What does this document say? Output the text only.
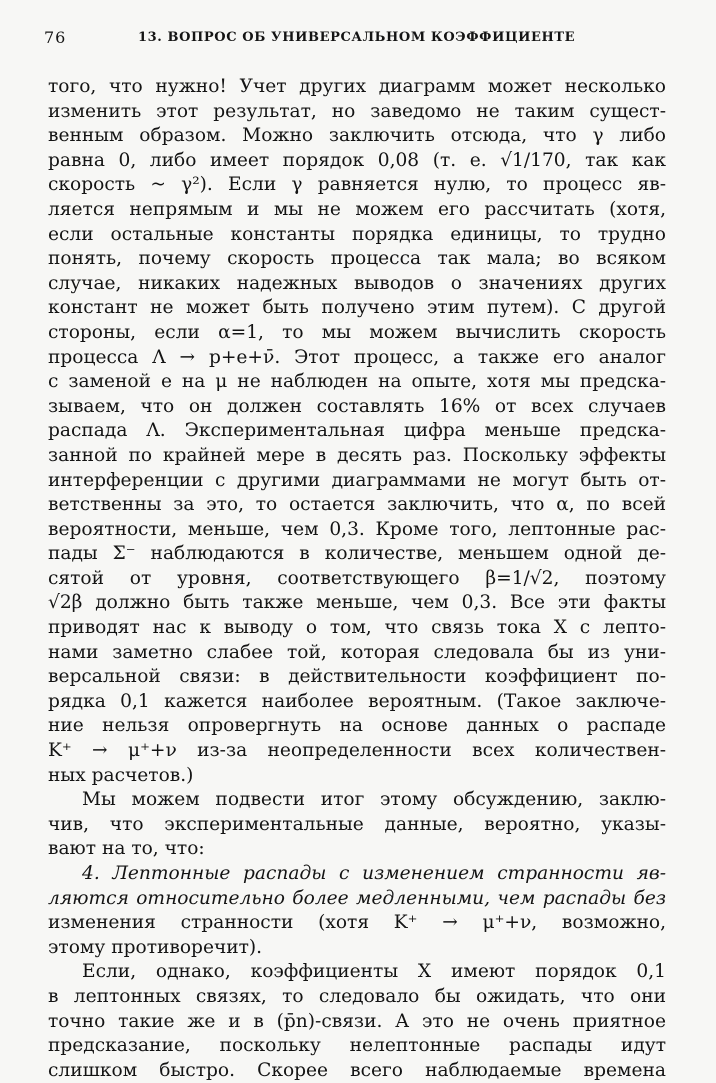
76	13. ВОПРОС ОБ УНИВЕРСАЛЬНОМ КОЭФФИЦИЕНТЕ
того, что нужно! Учет других диаграмм может несколько
изменить этот результат, но заведомо не таким сущест-
венным образом. Можно заключить отсюда, что γ либо
равна 0, либо имеет порядок 0,08 (т. е. √1/170, так как
скорость ~ γ²). Если γ равняется нулю, то процесс яв-
ляется непрямым и мы не можем его рассчитать (хотя,
если остальные константы порядка единицы, то трудно
понять, почему скорость процесса так мала; во всяком
случае, никаких надежных выводов о значениях других
констант не может быть получено этим путем). С другой
стороны, если α=1, то мы можем вычислить скорость
процесса Λ → p+e+ν̄. Этот процесс, а также его аналог
с заменой e на μ не наблюден на опыте, хотя мы предска-
зываем, что он должен составлять 16% от всех случаев
распада Λ. Экспериментальная цифра меньше предска-
занной по крайней мере в десять раз. Поскольку эффекты
интерференции с другими диаграммами не могут быть от-
ветственны за это, то остается заключить, что α, по всей
вероятности, меньше, чем 0,3. Кроме того, лептонные рас-
пады Σ⁻ наблюдаются в количестве, меньшем одной де-
сятой от уровня, соответствующего β=1/√2, поэтому
√2β должно быть также меньше, чем 0,3. Все эти факты
приводят нас к выводу о том, что связь тока X с лепто-
нами заметно слабее той, которая следовала бы из уни-
версальной связи: в действительности коэффициент по-
рядка 0,1 кажется наиболее вероятным. (Такое заключе-
ние нельзя опровергнуть на основе данных о распаде
K⁺ → μ⁺+ν из-за неопределенности всех количествен-
ных расчетов.)
Мы можем подвести итог этому обсуждению, заклю-
чив, что экспериментальные данные, вероятно, указы-
вают на то, что:
4. Лептонные распады с изменением странности яв-
ляются относительно более медленными, чем распады без
изменения странности (хотя K⁺ → μ⁺+ν, возможно,
этому противоречит).
Если, однако, коэффициенты X имеют порядок 0,1
в лептонных связях, то следовало бы ожидать, что они
точно такие же и в (p̄n)-связи. А это не очень приятное
предсказание, поскольку нелептонные распады идут
слишком быстро. Скорее всего наблюдаемые времена
